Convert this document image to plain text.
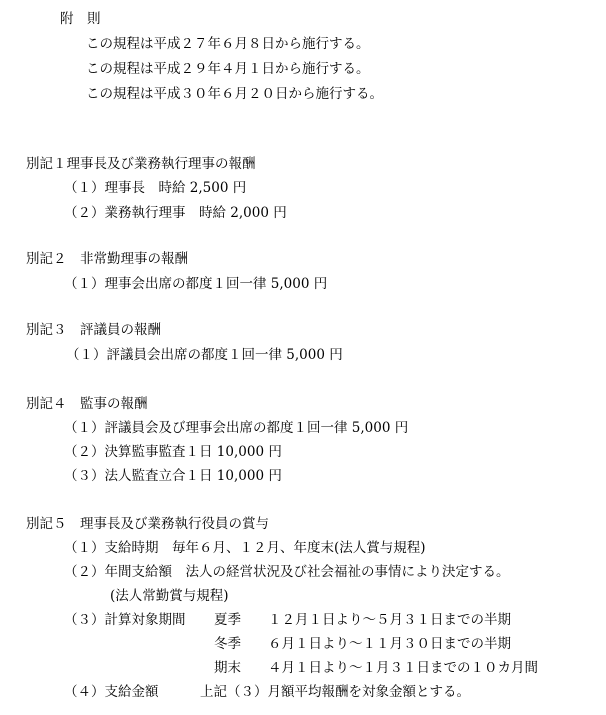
附　則
この規程は平成２７年６月８日から施行する。
この規程は平成２９年４月１日から施行する。
この規程は平成３０年６月２０日から施行する。
別記１理事長及び業務執行理事の報酬
（１）理事長　時給 2,500 円
（２）業務執行理事　時給 2,000 円
別記２　非常勤理事の報酬
（１）理事会出席の都度１回一律 5,000 円
別記３　評議員の報酬
（１）評議員会出席の都度１回一律 5,000 円
別記４　監事の報酬
（１）評議員会及び理事会出席の都度１回一律 5,000 円
（２）決算監事監査１日 10,000 円
（３）法人監査立合１日 10,000 円
別記５　理事長及び業務執行役員の賞与
（１）支給時期　毎年６月、１２月、年度末(法人賞与規程)
（２）年間支給額　法人の経営状況及び社会福祉の事情により決定する。
(法人常勤賞与規程)
（３）計算対象期間 夏季 １２月１日より～５月３１日までの半期
冬季 ６月１日より～１１月３０日までの半期
期末 ４月１日より～１月３１日までの１０カ月間
（４）支給金額	上記（３）月額平均報酬を対象金額とする。
